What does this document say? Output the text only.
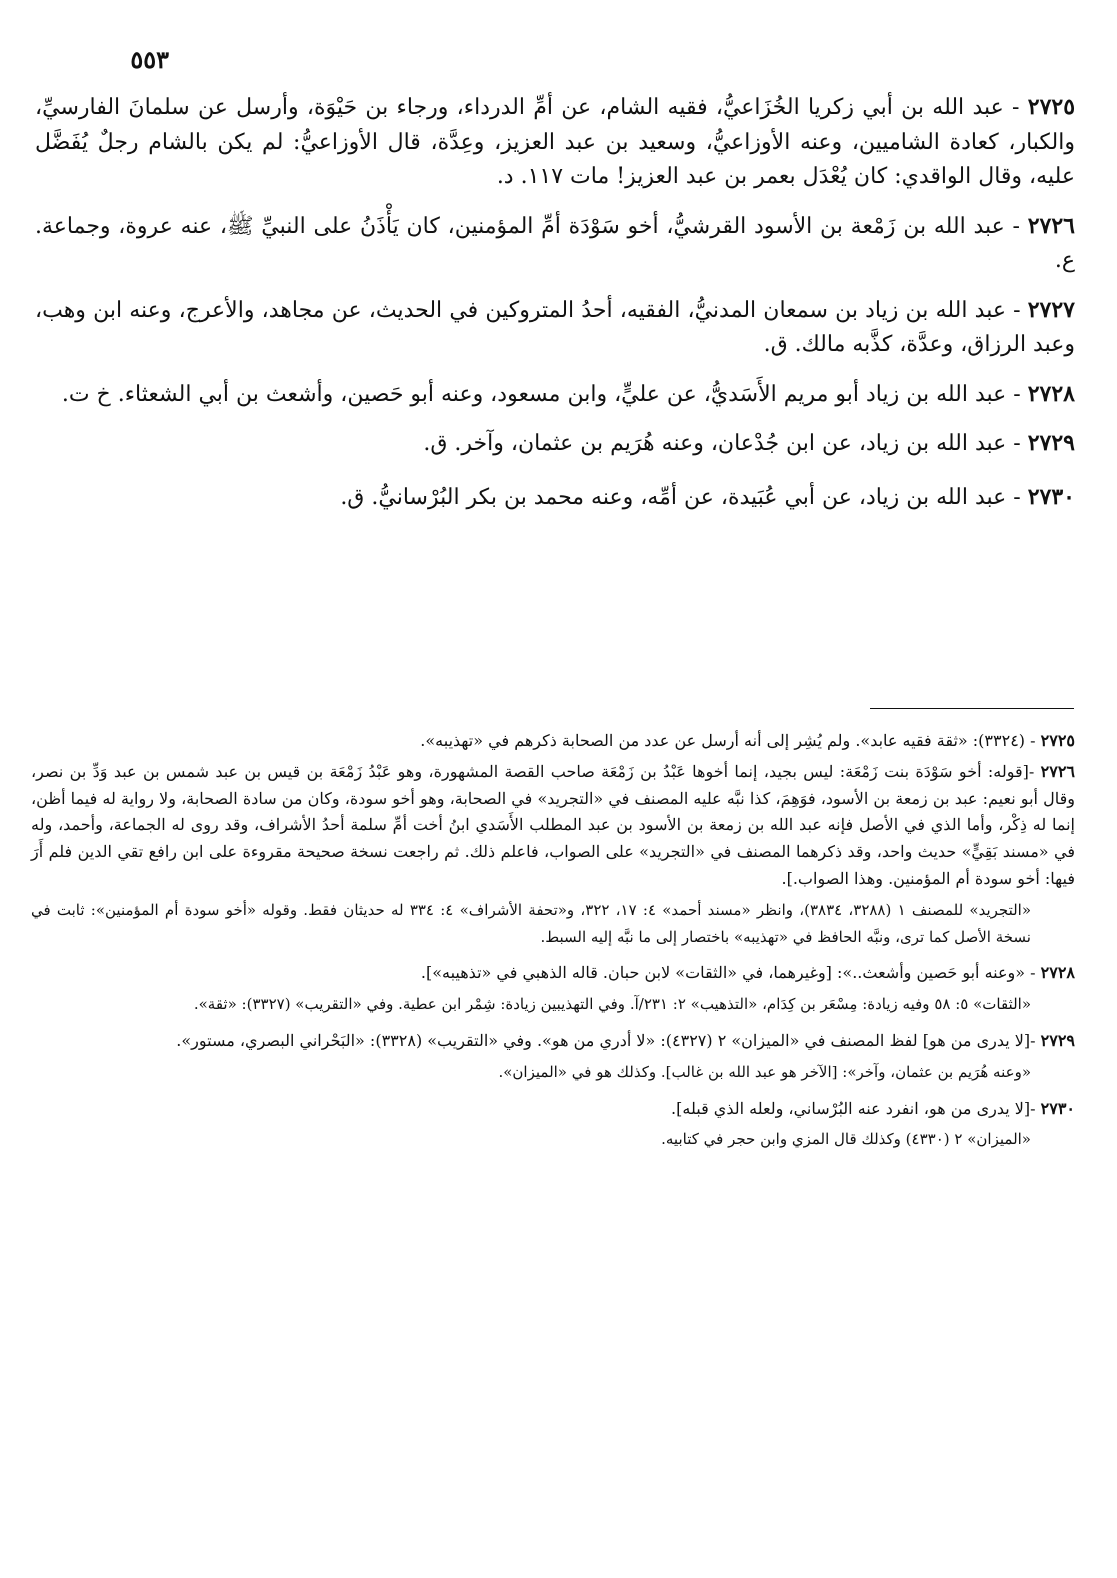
٥٥٣

٢٧٢٥ - عبد الله بن أبي زكريا الخُزَاعيُّ، فقيه الشام، عن أمِّ الدرداء، ورجاء بن حَيْوَة، وأرسل عن سلمانَ الفارسيِّ، والكبار، كعادة الشاميين، وعنه الأوزاعيُّ، وسعيد بن عبد العزيز، وعِدَّة، قال الأوزاعيُّ: لم يكن بالشام رجلٌ يُفَضَّل عليه، وقال الواقدي: كان يُعْدَل بعمر بن عبد العزيز! مات ١١٧. د.

٢٧٢٦ - عبد الله بن زَمْعة بن الأسود القرشيُّ، أخو سَوْدَة أمِّ المؤمنين، كان يَأْذَنُ على النبيِّ ﷺ، عنه عروة، وجماعة. ع.

٢٧٢٧ - عبد الله بن زياد بن سمعان المدنيُّ، الفقيه، أحدُ المتروكين في الحديث، عن مجاهد، والأعرج، وعنه ابن وهب، وعبد الرزاق، وعدَّة، كذَّبه مالك. ق.

٢٧٢٨ - عبد الله بن زياد أبو مريم الأَسَديُّ، عن عليٍّ، وابن مسعود، وعنه أبو حَصين، وأشعث بن أبي الشعثاء. خ ت.

٢٧٢٩ - عبد الله بن زياد، عن ابن جُدْعان، وعنه هُرَيم بن عثمان، وآخر. ق.

٢٧٣٠ - عبد الله بن زياد، عن أبي عُبَيدة، عن أمِّه، وعنه محمد بن بكر البُرْسانيُّ. ق.

٢٧٢٥ - (٣٣٢٤): «ثقة فقيه عابد». ولم يُشِر إلى أنه أرسل عن عدد من الصحابة ذكرهم في «تهذيبه».

٢٧٢٦ -[قوله: أخو سَوْدَة بنت زَمْعَة: ليس بجيد، إنما أخوها عَبْدُ بن زَمْعَة صاحب القصة المشهورة، وهو عَبْدُ زَمْعَة بن قيس بن عبد شمس بن عبد وَدِّ بن نصر، وقال أبو نعيم: عبد بن زمعة بن الأسود، فوَهِمَ، كذا نبَّه عليه المصنف في «التجريد» في الصحابة، وهو أخو سودة، وكان من سادة الصحابة، ولا رواية له فيما أظن، إنما له ذِكْر، وأما الذي في الأصل فإنه عبد الله بن زمعة بن الأسود بن عبد المطلب الأَسَدي ابنُ أخت أمِّ سلمة أحدُ الأشراف، وقد روى له الجماعة، وأحمد، وله في «مسند بَقِيٍّ» حديث واحد، وقد ذكرهما المصنف في «التجريد» على الصواب، فاعلم ذلك. ثم راجعت نسخة صحيحة مقروءة على ابن رافع تقي الدين فلم أَرَ فيها: أخو سودة أم المؤمنين. وهذا الصواب.].

«التجريد» للمصنف ١ (٣٢٨٨، ٣٨٣٤)، وانظر «مسند أحمد» ٤: ١٧، ٣٢٢، و«تحفة الأشراف» ٤: ٣٣٤ له حديثان فقط. وقوله «أخو سودة أم المؤمنين»: ثابت في نسخة الأصل كما ترى، ونبَّه الحافظ في «تهذيبه» باختصار إلى ما نبَّه إليه السبط.

٢٧٢٨ - «وعنه أبو حَصين وأشعث..»: [وغيرهما، في «الثقات» لابن حبان. قاله الذهبي في «تذهيبه»].

«الثقات» ٥: ٥٨ وفيه زيادة: مِسْعَر بن كِدَام، «التذهيب» ٢: ٢٣١/آ. وفي التهذيبين زيادة: شِمْر ابن عطية. وفي «التقريب» (٣٣٢٧): «ثقة».

٢٧٢٩ -[لا يدرى من هو] لفظ المصنف في «الميزان» ٢ (٤٣٢٧): «لا أدري من هو». وفي «التقريب» (٣٣٢٨): «البَحْراني البصري، مستور».

«وعنه هُرَيم بن عثمان، وآخر»: [الآخر هو عبد الله بن غالب]. وكذلك هو في «الميزان».

٢٧٣٠ -[لا يدرى من هو، انفرد عنه البُرْساني، ولعله الذي قبله].

«الميزان» ٢ (٤٣٣٠) وكذلك قال المزي وابن حجر في كتابيه.
